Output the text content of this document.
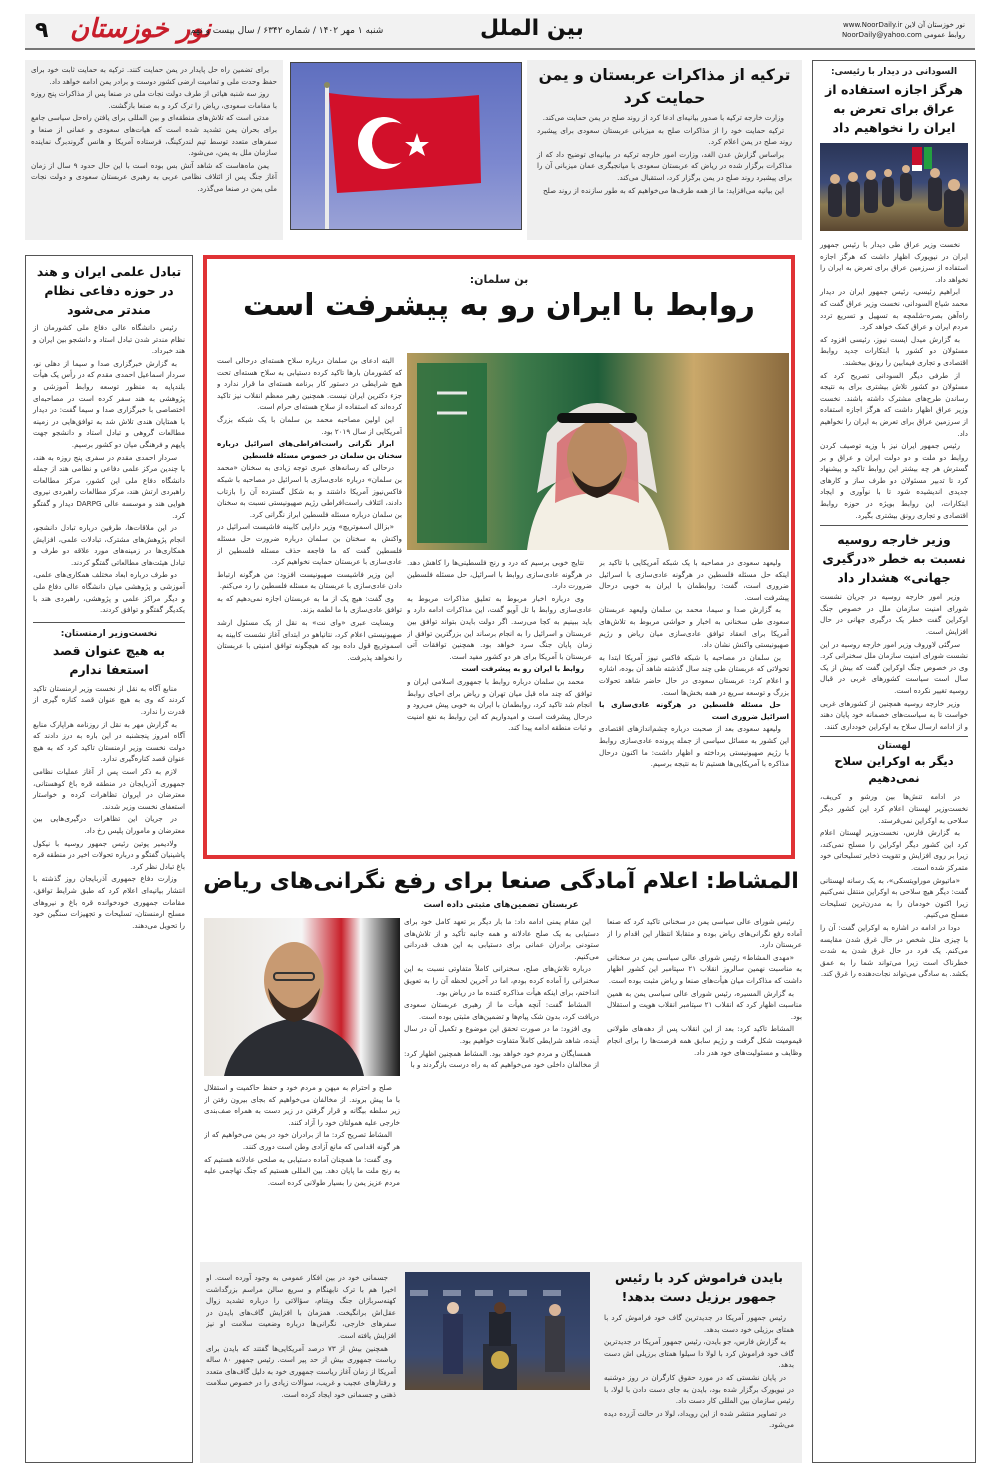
۹ نور خوزستان
شنبه ۱ مهر ۱۴۰۲ / شماره ۶۳۴۲ / سال بیست و نهم	بین الملل	www.NoorDaily.ir نور خوزستان آن لاین
NoorDaily@yahoo.com روابط عمومی
السودانی در دیدار با رئیسی:
هرگز اجازه استفاده از عراق برای تعرض به ایران را نخواهیم داد

نخست وزیر عراق طی دیدار با رئیس جمهور ایران در نیویورک اظهار داشت که هرگز اجازه استفاده از سرزمین عراق برای تعرض به ایران را نخواهد داد.

ابراهیم رئیسی، رئیس جمهور ایران در دیدار محمد شیاع السودانی، نخست وزیر عراق گفت که راه‌آهن بصره-شلمچه به تسهیل و تسریع تردد مردم ایران و عراق کمک خواهد کرد.

به گزارش میدل ایست نیوز، رئیسی افزود که مسئولان دو کشور با ابتکارات جدید روابط اقتصادی و تجاری فیمابین را رونق ببخشند.

از طرفی دیگر السودانی تصریح کرد که مسئولان دو کشور تلاش بیشتری برای به نتیجه رساندن طرح‌های مشترک داشته باشند. نخست وزیر عراق اظهار داشت که هرگز اجازه استفاده از سرزمین عراق برای تعرض به ایران را نخواهیم داد.

رئیس جمهور ایران نیز با وزیه توصیف کردن روابط دو ملت و دو دولت ایران و عراق و بر گسترش هر چه بیشتر این روابط تاکید و پیشنهاد کرد تا تدبیر مسئولان دو طرف ساز و کارهای جدیدی اندیشیده شود تا با نوآوری و ایجاد ابتکارات، این روابط بویژه در حوزه روابط اقتصادی و تجاری رونق بیشتری بگیرد.

وزیر خارجه روسیه نسبت به خطر «درگیری جهانی» هشدار داد

وزیر امور خارجه روسیه در جریان نشست شورای امنیت سازمان ملل در خصوص جنگ اوکراین گفت خطر یک درگیری جهانی در حال افزایش است.

سرگئی لاوروف وزیر امور خارجه روسیه در این نشست شورای امنیت سازمان ملل سخنرانی کرد. وی در خصوص جنگ اوکراین گفت که بیش از یک سال است سیاست کشورهای غربی در قبال روسیه تغییر نکرده است.

وزیر خارجه روسیه همچنین از کشورهای غربی خواست تا به سیاست‌های خصمانه خود پایان دهند و از ادامه ارسال سلاح به اوکراین خودداری کنند.

لهستان
دیگر به اوکراین سلاح نمی‌دهیم

در ادامه تنش‌ها بین ورشو و کی‌یف، نخست‌وزیر لهستان اعلام کرد این کشور دیگر سلاحی به اوکراین نمی‌فرستد.

به گزارش فارس، نخست‌وزیر لهستان اعلام کرد این کشور دیگر اوکراین را مسلح نمی‌کند، زیرا بر روی افزایش و تقویت ذخایر تسلیحاتی خود متمرکز شده است.

«ماتیوش موراویتسکی»، به یک رسانه لهستانی گفت: دیگر هیچ سلاحی به اوکراین منتقل نمی‌کنیم زیرا اکنون خودمان را به مدرن‌ترین تسلیحات مسلح می‌کنیم.

دودا در ادامه در اشاره به اوکراین گفت: آن را با چیزی مثل شخص در حال غرق شدن مقایسه می‌کنم. یک فرد در حال غرق شدن به شدت خطرناک است زیرا می‌تواند شما را به عمق بکشد. به سادگی می‌تواند نجات‌دهنده را غرق کند.

ترکیه از مذاکرات عربستان و یمن حمایت کرد

وزارت خارجه ترکیه با صدور بیانیه‌ای ادعا کرد از روند صلح در یمن حمایت می‌کند.

ترکیه حمایت خود را از مذاکرات صلح به میزبانی عربستان سعودی برای پیشبرد روند صلح در یمن اعلام کرد.

براساس گزارش عدن الغد، وزارت امور خارجه ترکیه در بیانیه‌ای توضیح داد که از مذاکرات برگزار شده در ریاض که عربستان سعودی با میانجیگری عمان میزبانی آن را برای پیشبرد روند صلح در یمن برگزار کرد، استقبال می‌کند.

این بیانیه می‌افزاید: ما از همه طرف‌ها می‌خواهیم که به طور سازنده از روند صلح

برای تضمین راه حل پایدار در یمن حمایت کنند. ترکیه به حمایت ثابت خود برای حفظ وحدت ملی و تمامیت ارضی کشور دوست و برادر یمن ادامه خواهد داد.

روز سه شنبه هیاتی از طرف دولت نجات ملی در صنعا پس از مذاکرات پنج روزه با مقامات سعودی، ریاض را ترک کرد و به صنعا بازگشت.

مدتی است که تلاش‌های منطقه‌ای و بین المللی برای یافتن راه‌حل سیاسی جامع برای بحران یمن تشدید شده است که هیات‌های سعودی و عمانی از صنعا و سفرهای متعدد توسط تیم لندرکینگ، فرستاده آمریکا و هانس گروندبرگ نماینده سازمان ملل به یمن، می‌شود.

یمن ماه‌هاست که شاهد آتش بس بوده است با این حال حدود ۹ سال از زمان آغاز جنگ پس از ائتلاف نظامی عربی به رهبری عربستان سعودی و دولت نجات ملی یمن در صنعا می‌گذرد.

تبادل علمی ایران و هند در حوزه دفاعی نظام مندتر می‌شود

رئیس دانشگاه عالی دفاع ملی کشورمان از نظام مندتر شدن تبادل استاد و دانشجو بین ایران و هند خبرداد.

به گزارش خبرگزاری صدا و سیما از دهلی نو، سردار اسماعیل احمدی مقدم که در رأس یک هیأت بلندپایه به منظور توسعه روابط آموزشی و پژوهشی به هند سفر کرده است در مصاحبه‌ای اختصاصی با خبرگزاری صدا و سیما گفت: در دیدار با همتایان هندی تلاش شد به توافق‌هایی در زمینه مطالعات گروهی و تبادل استاد و دانشجو جهت پایهم و فرهنگی میان دو کشور برسیم.

سردار احمدی مقدم در سفری پنج روزه به هند، با چندین مرکز علمی دفاعی و نظامی هند از جمله دانشگاه دفاع ملی این کشور، مرکز مطالعات راهبردی ارتش هند، مرکز مطالعات راهبردی نیروی هوایی هند و موسسه عالی DARPG دیدار و گفتگو کرد.

در این ملاقات‌ها، طرفین درباره تبادل دانشجو، انجام پژوهش‌های مشترک، تبادلات علمی، افزایش همکاری‌ها در زمینه‌های مورد علاقه دو طرف و تبادل هیئت‌های مطالعاتی گفتگو کردند.

دو طرف درباره ابعاد مختلف همکاری‌های علمی، آموزشی و پژوهشی میان دانشگاه عالی دفاع ملی و دیگر مراکز علمی و پژوهشی، راهبردی هند با یکدیگر گفتگو و توافق کردند.

نخست‌وزیر ارمنستان:
به هیچ عنوان قصد استعفا ندارم

منابع آگاه به نقل از نخست وزیر ارمنستان تاکید کردند که وی به هیچ عنوان قصد کناره گیری از قدرت را ندارد.

به گزارش مهر به نقل از روزنامه هراپارک منابع آگاه امروز پنجشنبه در این باره به درز دادند که دولت نخست وزیر ارمنستان تاکید کرد که به هیچ عنوان قصد کناره‌گیری ندارد.

لازم به ذکر است پس از آغاز عملیات نظامی جمهوری آذربایجان در منطقه قره باغ کوهستانی، معترضان در ایروان تظاهرات کرده و خواستار استعفای نخست وزیر شدند.

در جریان این تظاهرات درگیری‌هایی بین معترضان و ماموران پلیس رخ داد.

ولادیمیر پوتین رئیس جمهور روسیه با نیکول پاشینیان گفتگو و درباره تحولات اخیر در منطقه قره باغ تبادل نظر کرد.

وزارت دفاع جمهوری آذربایجان روز گذشته با انتشار بیانیه‌ای اعلام کرد که طبق شرایط توافق، مقامات جمهوری خودخوانده قره باغ و نیروهای مسلح ارمنستان، تسلیحات و تجهیزات سنگین خود را تحویل می‌دهند.

بن سلمان:
روابط با ایران رو به پیشرفت است

البته ادعای بن سلمان درباره سلاح هسته‌ای درحالی است که کشورمان بارها تاکید کرده دستیابی به سلاح هسته‌ای تحت هیچ شرایطی در دستور کار برنامه هسته‌ای ما قرار ندارد و جزء دکترین ایران نیست. همچنین رهبر معظم انقلاب نیز تاکید کرده‌اند که استفاده از سلاح هسته‌ای حرام است.

این اولین مصاحبه محمد بن سلمان با یک شبکه بزرگ آمریکایی از سال ۲۰۱۹ بود.

ابراز نگرانی راست‌افراطی‌های اسرائیل درباره سخنان بن سلمان در خصوص مسئله فلسطین

درحالی که رسانه‌های عبری توجه زیادی به سخنان «محمد بن سلمان» درباره عادی‌سازی با اسرائیل در مصاحبه با شبکه فاکس‌نیوز آمریکا داشتند و به شکل گسترده آن را بازتاب دادند، ائتلاف راست‌افراطی رژیم صهیونیستی نسبت به سخنان بن سلمان درباره مسئله فلسطین ابراز نگرانی کرد.

«بزالل اسموتریچ» وزیر دارایی کابینه فاشیست اسرائیل در واکنش به سخنان بن سلمان درباره ضرورت حل مسئله فلسطین گفت که ما فاجعه حذف مسئله فلسطین از عادی‌سازی با عربستان حمایت نخواهیم کرد.

این وزیر فاشیست صهیونیست افزود: من هرگونه ارتباط دادن عادی‌سازی با عربستان به مسئله فلسطین را رد می‌کنم.

وی گفت: هیچ یک از ما به عربستان اجازه نمی‌دهیم که به توافق عادی‌سازی با ما لطمه بزند.

وبسایت عبری «وای نت» به نقل از یک مسئول ارشد صهیونیستی اعلام کرد، نتانیاهو در ابتدای آغاز نشست کابینه به اسموتریچ قول داده بود که هیچگونه توافق امنیتی با عربستان را نخواهد پذیرفت.

نتایج خوبی برسیم که درد و رنج فلسطینی‌ها را کاهش دهد. در هرگونه عادی‌سازی روابط با اسرائیل، حل مسئله فلسطین ضرورت دارد.

وی درباره اخبار مربوط به تعلیق مذاکرات مربوط به عادی‌سازی روابط با تل آویو گفت، این مذاکرات ادامه دارد و باید ببینیم به کجا می‌رسد. اگر دولت بایدن بتواند توافق بین عربستان و اسرائیل را به انجام برساند این بزرگترین توافق از زمان پایان جنگ سرد خواهد بود. همچنین توافقات آتی عربستان با آمریکا برای هر دو کشور مفید است.

روابط با ایران رو به پیشرفت است

محمد بن سلمان درباره روابط با جمهوری اسلامی ایران و توافق که چند ماه قبل میان تهران و ریاض برای احیای روابط انجام شد تاکید کرد، روابطمان با ایران به خوبی پیش می‌رود و درحال پیشرفت است و امیدواریم که این روابط به نفع امنیت و ثبات منطقه ادامه پیدا کند.

ولیعهد سعودی در مصاحبه با یک شبکه آمریکایی با تاکید بر اینکه حل مسئله فلسطین در هرگونه عادی‌سازی با اسرائیل ضروری است، گفت: روابطمان با ایران به خوبی درحال پیشرفت است.

به گزارش صدا و سیما، محمد بن سلمان ولیعهد عربستان سعودی طی سخنانی به اخبار و حواشی مربوط به تلاش‌های آمریکا برای انعقاد توافق عادی‌سازی میان ریاض و رژیم صهیونیستی واکنش نشان داد.

بن سلمان در مصاحبه با شبکه فاکس نیوز آمریکا ابتدا به تحولاتی که عربستان طی چند سال گذشته شاهد آن بوده، اشاره و اعلام کرد: عربستان سعودی در حال حاضر شاهد تحولات بزرگ و توسعه سریع در همه بخش‌ها است.

حل مسئله فلسطین در هرگونه عادی‌سازی با اسرائیل ضروری است

ولیعهد سعودی بعد از صحبت درباره چشم‌اندازهای اقتصادی این کشور به مسائل سیاسی از جمله پرونده عادی‌سازی روابط با رژیم صهیونیستی پرداخته و اظهار داشت: ما اکنون درحال مذاکره با آمریکایی‌ها هستیم تا به نتیجه برسیم.

المشاط: اعلام آمادگی صنعا برای رفع نگرانی‌های ریاض
عربستان تضمین‌های مثبتی داده است

رئیس شورای عالی سیاسی یمن در سخنانی تاکید کرد که صنعا آماده رفع نگرانی‌های ریاض بوده و متقابلا انتظار این اقدام را از عربستان دارد.

«مهدی المشاط» رئیس شورای عالی سیاسی یمن در سخنانی به مناسبت نهمین سالروز انقلاب ۲۱ سپتامبر این کشور اظهار داشت که مذاکرات میان هیأت‌های صنعا و ریاض مثبت بوده است.

به گزارش المسیره، رئیس شورای عالی سیاسی یمن به همین مناسبت اظهار کرد که انقلاب ۲۱ سپتامبر انقلاب هویت و استقلال بود.

المشاط تاکید کرد: بعد از این انقلاب پس از دهه‌های طولانی قیمومیت شکل گرفت و رژیم سابق همه فرصت‌ها را برای انجام وظایف و مسئولیت‌های خود هدر داد.

این مقام یمنی ادامه داد: ما بار دیگر بر تعهد کامل خود برای دستیابی به یک صلح عادلانه و همه جانبه تأکید و از تلاش‌های ستودنی برادران عمانی برای دستیابی به این هدف قدردانی می‌کنیم.

درباره تلاش‌های صلح، سخنرانی کاملاً متفاوتی نسبت به این سخنرانی را آماده کرده بودم، اما در آخرین لحظه آن را به تعویق انداختم، برای اینکه هیأت مذاکره کننده ما در ریاض بود.

المشاط گفت: آنچه هیأت ما از رهبری عربستان سعودی دریافت کرد، بدون شک پیام‌ها و تضمین‌های مثبتی بوده است.

وی افزود: ما در صورت تحقق این موضوع و تکمیل آن در سال آینده، شاهد شرایطی کاملاً متفاوت خواهیم بود.

همسایگان و مردم خود خواهد بود. المشاط همچنین اظهار کرد: از مخالفان داخلی خود می‌خواهیم که به راه درست بازگردند و با

صلح و احترام به میهن و مردم خود و حفظ حاکمیت و استقلال با ما پیش بروند. از مخالفان می‌خواهیم که بجای بیرون رفتن از زیر سلطه بیگانه و قرار گرفتن در زیر دست به همراه صف‌بندی خارجی علیه همولتان خود را آزاد کنند.

المشاط تصریح کرد: ما از برادران خود در یمن می‌خواهیم که از هر گونه اقدامی که مانع آزادی وطن است دوری کنند.

وی گفت: ما همچنان آماده دستیابی به صلحی عادلانه هستیم که به رنج ملت ما پایان دهد. بین المللی هستیم که جنگ تهاجمی علیه مردم عزیز یمن را بسیار طولانی کرده است.

بایدن فراموش کرد با رئیس جمهور برزیل دست بدهد!

رئیس جمهور آمریکا در جدیدترین گاف خود فراموش کرد با همتای برزیلی خود دست بدهد.

به گزارش فارس، جو بایدن، رئیس جمهور آمریکا در جدیدترین گاف خود فراموش کرد با لولا دا سیلوا همتای برزیلی اش دست بدهد.

در پایان نشستی که در مورد حقوق کارگران در روز دوشنبه در نیویورک برگزار شده بود، بایدن به جای دست دادن با لولا، با رئیس سازمان بین المللی کار دست داد.

در تصاویر منتشر شده از این رویداد، لولا در حالت آزرده دیده می‌شود.

جسمانی خود در بین افکار عمومی به وجود آورده است. او اخیرا هم با ترک نابهنگام و سریع سالن مراسم بزرگداشت کهنه‌سربازان جنگ ویتنام، سؤالاتی را درباره تشدید زوال عقل‌اش برانگیخت. همزمان با افزایش گاف‌های بایدن در سفرهای خارجی، نگرانی‌ها درباره وضعیت سلامت او نیز افزایش یافته است.

همچنین بیش از ۷۳ درصد آمریکایی‌ها گفتند که بایدن برای ریاست جمهوری بیش از حد پیر است. رئیس جمهور ۸۰ ساله آمریکا از زمان آغاز ریاست جمهوری خود به دلیل گاف‌های متعدد و رفتارهای عجیب و غریب، سوالات زیادی را در خصوص سلامت ذهنی و جسمانی خود ایجاد کرده است.
